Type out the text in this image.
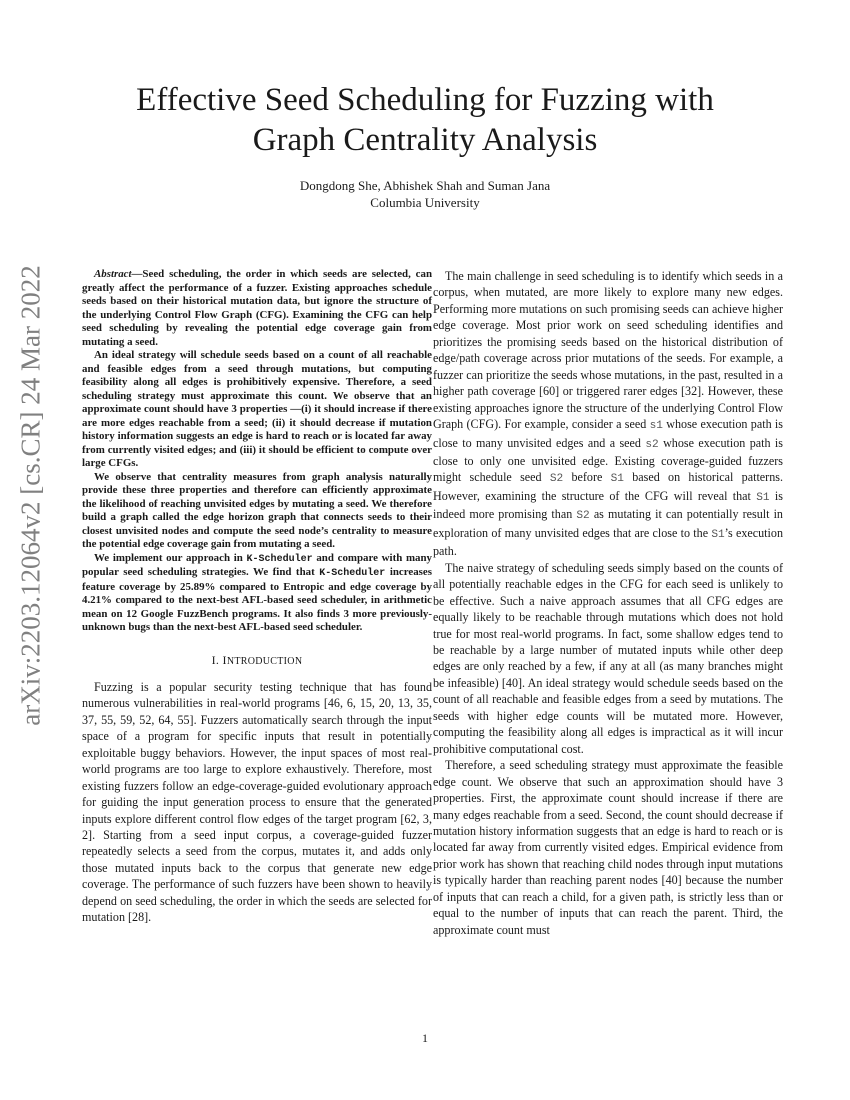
arXiv:2203.12064v2 [cs.CR] 24 Mar 2022
Effective Seed Scheduling for Fuzzing with
Graph Centrality Analysis
Dongdong She, Abhishek Shah and Suman Jana
Columbia University

Abstract—Seed scheduling, the order in which seeds are selected, can greatly affect the performance of a fuzzer. Existing approaches schedule seeds based on their historical mutation data, but ignore the structure of the underlying Control Flow Graph (CFG). Examining the CFG can help seed scheduling by revealing the potential edge coverage gain from mutating a seed.

An ideal strategy will schedule seeds based on a count of all reachable and feasible edges from a seed through mutations, but computing feasibility along all edges is prohibitively expensive. Therefore, a seed scheduling strategy must approximate this count. We observe that an approximate count should have 3 properties —(i) it should increase if there are more edges reachable from a seed; (ii) it should decrease if mutation history information suggests an edge is hard to reach or is located far away from currently visited edges; and (iii) it should be efficient to compute over large CFGs.

We observe that centrality measures from graph analysis naturally provide these three properties and therefore can efficiently approximate the likelihood of reaching unvisited edges by mutating a seed. We therefore build a graph called the edge horizon graph that connects seeds to their closest unvisited nodes and compute the seed node’s centrality to measure the potential edge coverage gain from mutating a seed.

We implement our approach in K-Scheduler and compare with many popular seed scheduling strategies. We find that K-Scheduler increases feature coverage by 25.89% compared to Entropic and edge coverage by 4.21% compared to the next-best AFL-based seed scheduler, in arithmetic mean on 12 Google FuzzBench programs. It also finds 3 more previously-unknown bugs than the next-best AFL-based seed scheduler.

I. INTRODUCTION

Fuzzing is a popular security testing technique that has found numerous vulnerabilities in real-world programs [46, 6, 15, 20, 13, 35, 37, 55, 59, 52, 64, 55]. Fuzzers automatically search through the input space of a program for specific inputs that result in potentially exploitable buggy behaviors. However, the input spaces of most real-world programs are too large to explore exhaustively. Therefore, most existing fuzzers follow an edge-coverage-guided evolutionary approach for guiding the input generation process to ensure that the generated inputs explore different control flow edges of the target program [62, 3, 2]. Starting from a seed input corpus, a coverage-guided fuzzer repeatedly selects a seed from the corpus, mutates it, and adds only those mutated inputs back to the corpus that generate new edge coverage. The performance of such fuzzers have been shown to heavily depend on seed scheduling, the order in which the seeds are selected for mutation [28].

The main challenge in seed scheduling is to identify which seeds in a corpus, when mutated, are more likely to explore many new edges. Performing more mutations on such promising seeds can achieve higher edge coverage. Most prior work on seed scheduling identifies and prioritizes the promising seeds based on the historical distribution of edge/path coverage across prior mutations of the seeds. For example, a fuzzer can prioritize the seeds whose mutations, in the past, resulted in a higher path coverage [60] or triggered rarer edges [32]. However, these existing approaches ignore the structure of the underlying Control Flow Graph (CFG). For example, consider a seed s1 whose execution path is close to many unvisited edges and a seed s2 whose execution path is close to only one unvisited edge. Existing coverage-guided fuzzers might schedule seed S2 before S1 based on historical patterns. However, examining the structure of the CFG will reveal that S1 is indeed more promising than S2 as mutating it can potentially result in exploration of many unvisited edges that are close to the S1’s execution path.

The naive strategy of scheduling seeds simply based on the counts of all potentially reachable edges in the CFG for each seed is unlikely to be effective. Such a naive approach assumes that all CFG edges are equally likely to be reachable through mutations which does not hold true for most real-world programs. In fact, some shallow edges tend to be reachable by a large number of mutated inputs while other deep edges are only reached by a few, if any at all (as many branches might be infeasible) [40]. An ideal strategy would schedule seeds based on the count of all reachable and feasible edges from a seed by mutations. The seeds with higher edge counts will be mutated more. However, computing the feasibility along all edges is impractical as it will incur prohibitive computational cost.

Therefore, a seed scheduling strategy must approximate the feasible edge count. We observe that such an approximation should have 3 properties. First, the approximate count should increase if there are many edges reachable from a seed. Second, the count should decrease if mutation history information suggests that an edge is hard to reach or is located far away from currently visited edges. Empirical evidence from prior work has shown that reaching child nodes through input mutations is typically harder than reaching parent nodes [40] because the number of inputs that can reach a child, for a given path, is strictly less than or equal to the number of inputs that can reach the parent. Third, the approximate count must

1
